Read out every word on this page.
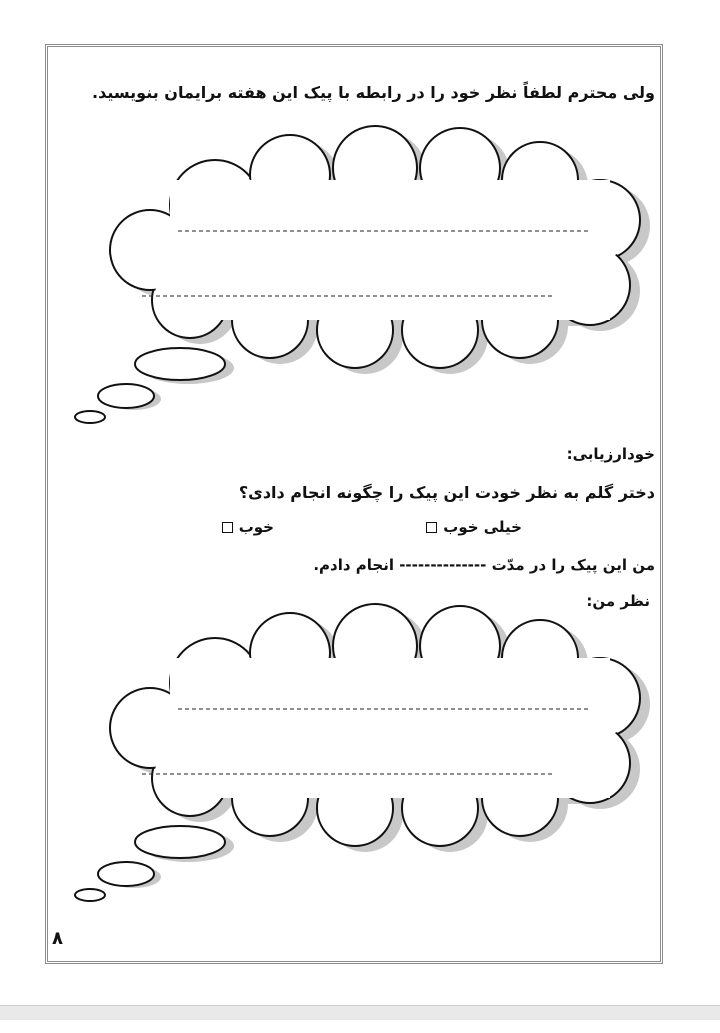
ولی محترم لطفاً نظر خود را در رابطه با پیک این هفته برایمان بنویسید.
خودارزیابی:
دختر گلم به نظر خودت این پیک را چگونه انجام دادی؟
خیلی خوب
خوب
من این پیک را در مدّت -------------- انجام دادم.
نظر من:
۸
